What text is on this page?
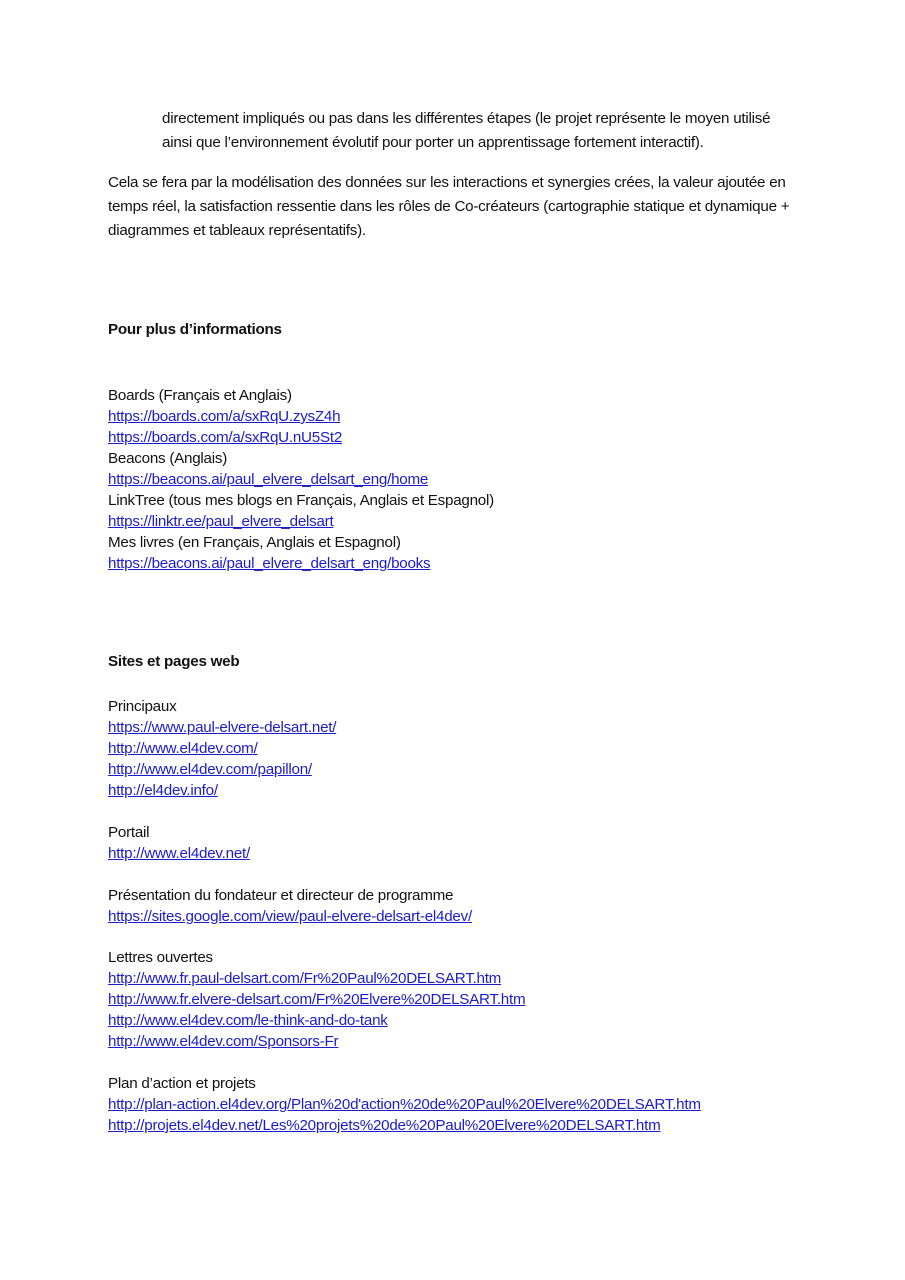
directement impliqués ou pas dans les différentes étapes (le projet représente le moyen utilisé ainsi que l’environnement évolutif pour porter un apprentissage fortement interactif).
Cela se fera par la modélisation des données sur les interactions et synergies crées, la valeur ajoutée en temps réel, la satisfaction ressentie dans les rôles de Co-créateurs (cartographie statique et dynamique + diagrammes et tableaux représentatifs).
Pour plus d’informations
Boards (Français et Anglais)
https://boards.com/a/sxRqU.zysZ4h
https://boards.com/a/sxRqU.nU5St2
Beacons (Anglais)
https://beacons.ai/paul_elvere_delsart_eng/home
LinkTree (tous mes blogs en Français, Anglais et Espagnol)
https://linktr.ee/paul_elvere_delsart
Mes livres (en Français, Anglais et Espagnol)
https://beacons.ai/paul_elvere_delsart_eng/books
Sites et pages web
Principaux
https://www.paul-elvere-delsart.net/
http://www.el4dev.com/
http://www.el4dev.com/papillon/
http://el4dev.info/
Portail
http://www.el4dev.net/
Présentation du fondateur et directeur de programme
https://sites.google.com/view/paul-elvere-delsart-el4dev/
Lettres ouvertes
http://www.fr.paul-delsart.com/Fr%20Paul%20DELSART.htm
http://www.fr.elvere-delsart.com/Fr%20Elvere%20DELSART.htm
http://www.el4dev.com/le-think-and-do-tank
http://www.el4dev.com/Sponsors-Fr
Plan d’action et projets
http://plan-action.el4dev.org/Plan%20d'action%20de%20Paul%20Elvere%20DELSART.htm
http://projets.el4dev.net/Les%20projets%20de%20Paul%20Elvere%20DELSART.htm
